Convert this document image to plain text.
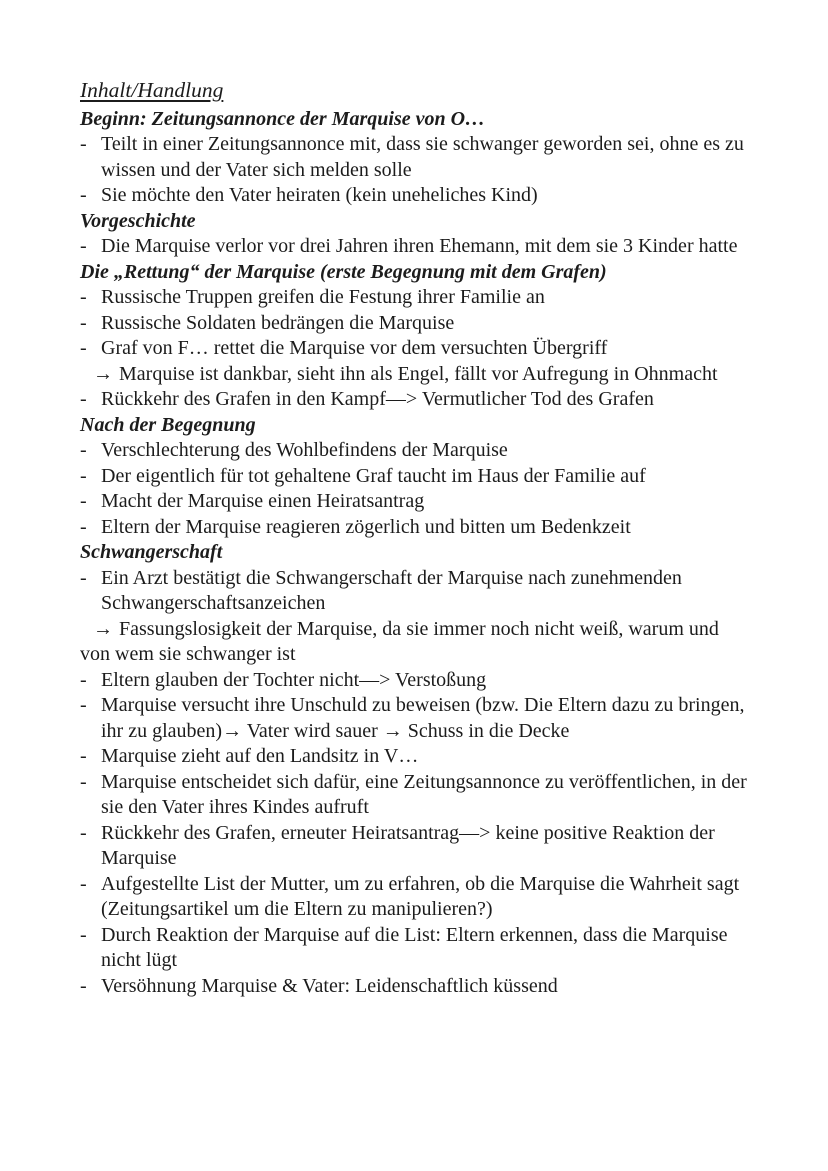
Inhalt/Handlung
Beginn: Zeitungsannonce der Marquise von O…
- Teilt in einer Zeitungsannonce mit, dass sie schwanger geworden sei, ohne es zu wissen und der Vater sich melden solle
- Sie möchte den Vater heiraten (kein uneheliches Kind)
Vorgeschichte
- Die Marquise verlor vor drei Jahren ihren Ehemann, mit dem sie 3 Kinder hatte
Die „Rettung“ der Marquise (erste Begegnung mit dem Grafen)
- Russische Truppen greifen die Festung ihrer Familie an
- Russische Soldaten bedrängen die Marquise
- Graf von F… rettet die Marquise vor dem versuchten Übergriff

→ Marquise ist dankbar, sieht ihn als Engel, fällt vor Aufregung in Ohnmacht

- Rückkehr des Grafen in den Kampf—> Vermutlicher Tod des Grafen
Nach der Begegnung
- Verschlechterung des Wohlbefindens der Marquise
- Der eigentlich für tot gehaltene Graf taucht im Haus der Familie auf
- Macht der Marquise einen Heiratsantrag
- Eltern der Marquise reagieren zögerlich und bitten um Bedenkzeit
Schwangerschaft
- Ein Arzt bestätigt die Schwangerschaft der Marquise nach zunehmenden Schwangerschaftsanzeichen

→ Fassungslosigkeit der Marquise, da sie immer noch nicht weiß, warum und von wem sie schwanger ist

- Eltern glauben der Tochter nicht—> Verstoßung
- Marquise versucht ihre Unschuld zu beweisen (bzw. Die Eltern dazu zu bringen, ihr zu glauben)→ Vater wird sauer → Schuss in die Decke
- Marquise zieht auf den Landsitz in V…
- Marquise entscheidet sich dafür, eine Zeitungsannonce zu veröffentlichen, in der sie den Vater ihres Kindes aufruft
- Rückkehr des Grafen, erneuter Heiratsantrag—> keine positive Reaktion der Marquise
- Aufgestellte List der Mutter, um zu erfahren, ob die Marquise die Wahrheit sagt (Zeitungsartikel um die Eltern zu manipulieren?)
- Durch Reaktion der Marquise auf die List: Eltern erkennen, dass die Marquise nicht lügt
- Versöhnung Marquise & Vater: Leidenschaftlich küssend
